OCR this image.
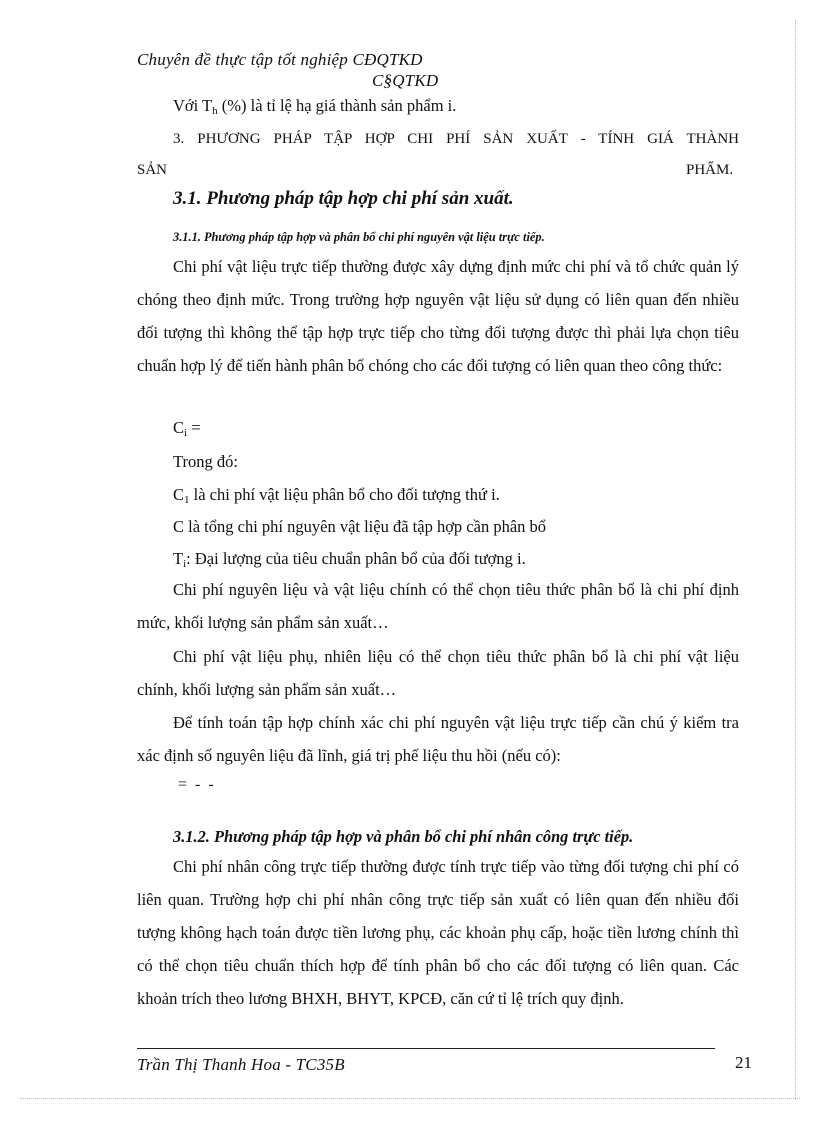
Chuyên đề thực tập tốt nghiệp CĐQTKD
C§QTKD
Với $T_h$ (%) là tỉ lệ hạ giá thành sản phẩm i.
3. PHƯƠNG PHÁP TẬP HỢP CHI PHÍ SẢN XUẤT - TÍNH GIÁ THÀNH
SẢN	PHẨM.
3.1. Phương pháp tập hợp chi phí sản xuất.
3.1.1. Phương pháp tập hợp và phân bổ chi phí nguyên vật liệu trực tiếp.
Chi phí vật liệu trực tiếp thường được xây dựng định mức chi phí và tổ chức quản lý chóng theo định mức. Trong trường hợp nguyên vật liệu sử dụng có liên quan đến nhiều đối tượng thì không thể tập hợp trực tiếp cho từng đối tượng được thì phải lựa chọn tiêu chuẩn hợp lý để tiến hành phân bổ chóng cho các đối tượng có liên quan theo công thức:
$C_i$ =
Trong đó:
$C_1$ là chi phí vật liệu phân bổ cho đối tượng thứ i.
C là tổng chi phí nguyên vật liệu đã tập hợp cần phân bổ
$T_i$: Đại lượng của tiêu chuẩn phân bổ của đối tượng i.
Chi phí nguyên liệu và vật liệu chính có thể chọn tiêu thức phân bổ là chi phí định mức, khối lượng sản phẩm sản xuất…
Chi phí vật liệu phụ, nhiên liệu có thể chọn tiêu thức phân bổ là chi phí vật liệu chính, khối lượng sản phẩm sản xuất…
Để tính toán tập hợp chính xác chi phí nguyên vật liệu trực tiếp cần chú ý kiểm tra xác định số nguyên liệu đã lĩnh, giá trị phế liệu thu hồi (nếu có):
=  -  -
3.1.2. Phương pháp tập hợp và phân bổ chi phí nhân công trực tiếp.
Chi phí nhân công trực tiếp thường được tính trực tiếp vào từng đối tượng chi phí có liên quan. Trường hợp chi phí nhân công trực tiếp sản xuất có liên quan đến nhiều đối tượng không hạch toán được tiền lương phụ, các khoản phụ cấp, hoặc tiền lương chính thì có thể chọn tiêu chuẩn thích hợp để tính phân bổ cho các đối tượng có liên quan. Các khoản trích theo lương BHXH, BHYT, KPCĐ, căn cứ tỉ lệ trích quy định.
Trần Thị Thanh Hoa - TC35B	21
